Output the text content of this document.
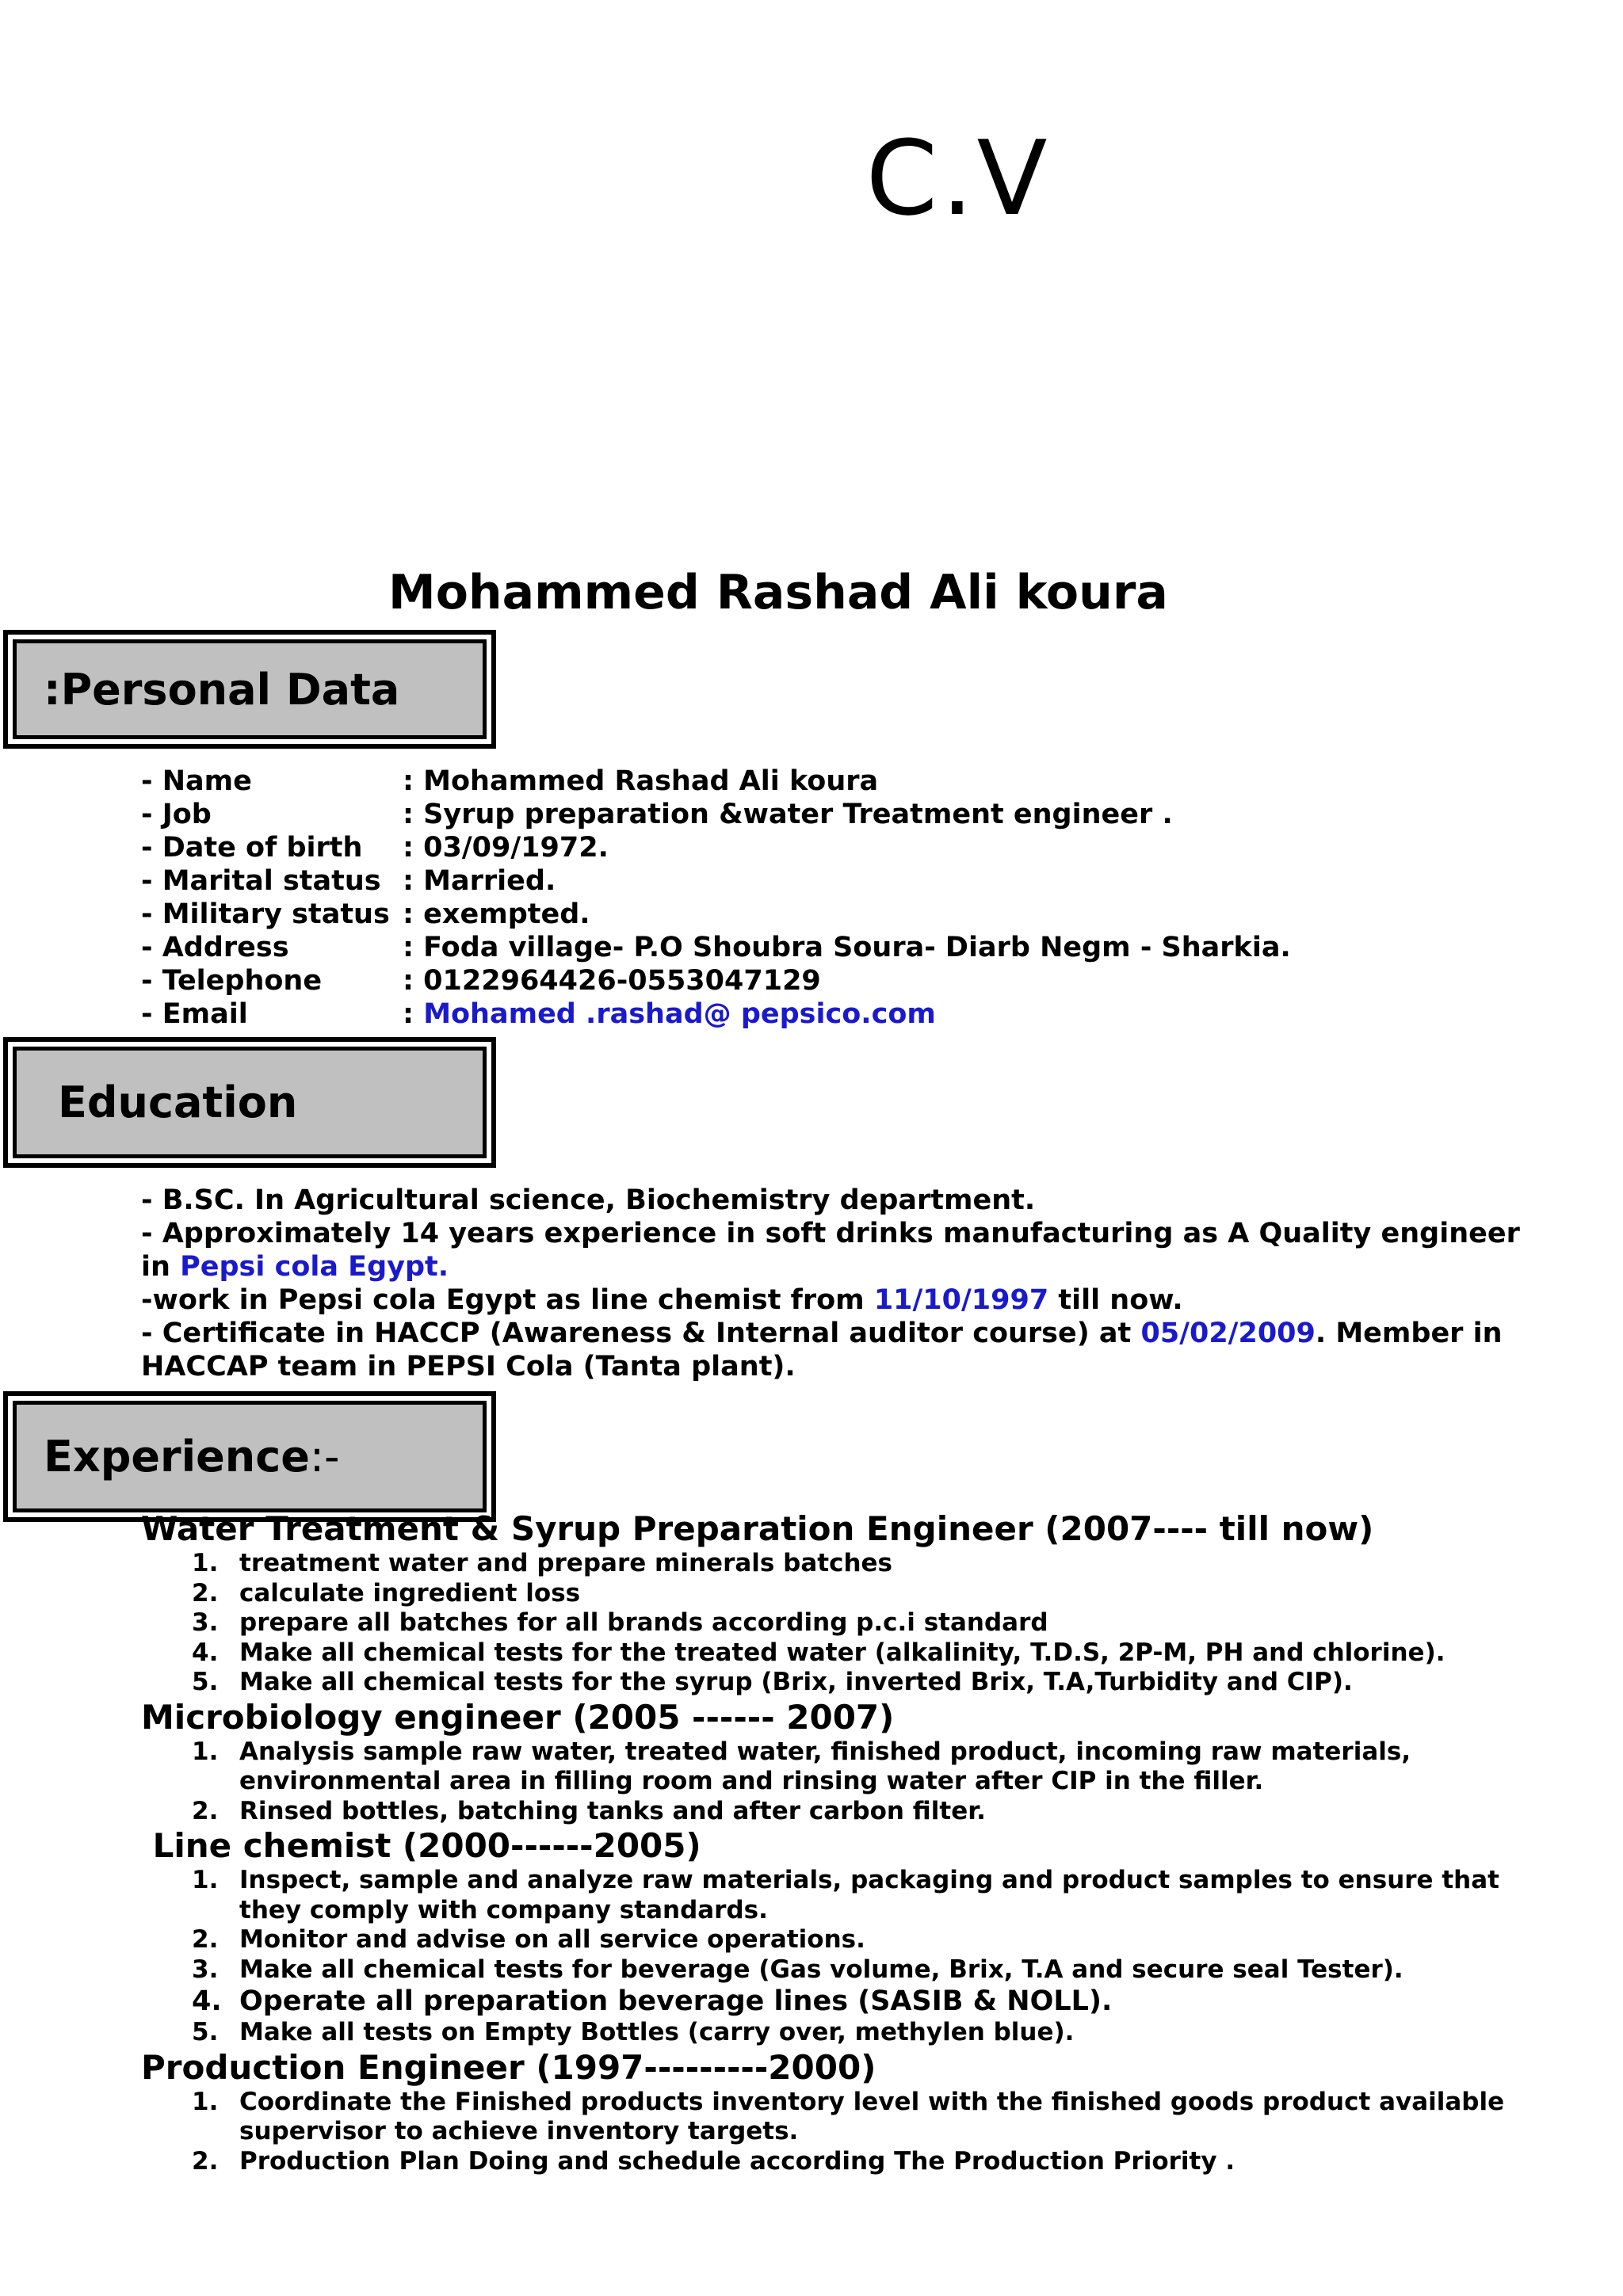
C.V
Mohammed Rashad Ali koura
‏:Personal Data
- Name	: Mohammed Rashad Ali koura
- Job	: Syrup preparation &water Treatment engineer .
- Date of birth	: 03/09/1972.
- Marital status : Married.
- Military status : exempted.
- Address	: Foda village- P.O Shoubra Soura- Diarb Negm - Sharkia.
- Telephone	: 0122964426-0553047129
- Email	: Mohamed .rashad@ pepsico.com
Education

- B.SC. In Agricultural science, Biochemistry department.

- Approximately 14 years experience in soft drinks manufacturing as A Quality engineer in Pepsi cola Egypt.

-work in Pepsi cola Egypt as line chemist from 11/10/1997 till now.

- Certificate in HACCP (Awareness & Internal auditor course) at 05/02/2009. Member in HACCAP team in PEPSI Cola (Tanta plant).

Experience :-
Water Treatment & Syrup Preparation Engineer (2007---- till now)
1. treatment water and prepare minerals batches
2. calculate ingredient loss
3. prepare all batches for all brands according p.c.i standard
4. Make all chemical tests for the treated water (alkalinity, T.D.S, 2P-M, PH and chlorine).
5. Make all chemical tests for the syrup (Brix, inverted Brix, T.A,Turbidity and CIP).
Microbiology engineer (2005 ------ 2007)
1. Analysis sample raw water, treated water, finished product, incoming raw materials, environmental area in filling room and rinsing water after CIP in the filler.
2. Rinsed bottles, batching tanks and after carbon filter.
Line chemist (2000------2005)
1. Inspect, sample and analyze raw materials, packaging and product samples to ensure that they comply with company standards.
2. Monitor and advise on all service operations.
3. Make all chemical tests for beverage (Gas volume, Brix, T.A and secure seal Tester).
4. Operate all preparation beverage lines (SASIB & NOLL).
5. Make all tests on Empty Bottles (carry over, methylen blue).
Production Engineer (1997---------2000)
1. Coordinate the Finished products inventory level with the finished goods product available supervisor to achieve inventory targets.
2. Production Plan Doing and schedule according The Production Priority .
